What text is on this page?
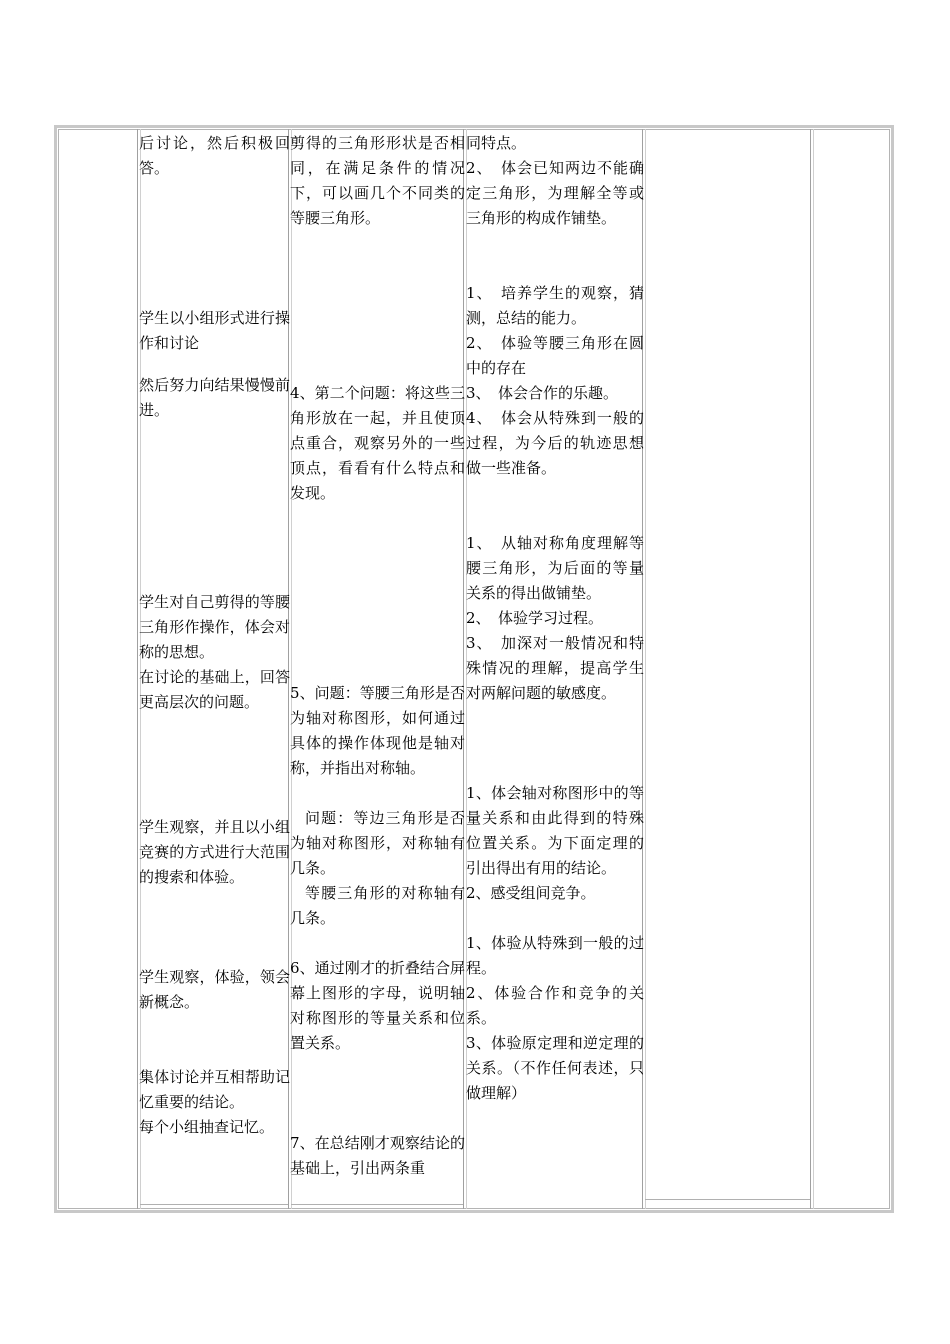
后讨论，然后积极回答。

学生以小组形式进行操作和讨论

然后努力向结果慢慢前进。

学生对自己剪得的等腰三角形作操作，体会对称的思想。

在讨论的基础上，回答更高层次的问题。

学生观察，并且以小组竞赛的方式进行大范围的搜索和体验。

学生观察，体验，领会新概念。

集体讨论并互相帮助记忆重要的结论。

每个小组抽查记忆。

剪得的三角形形状是否相同，在满足条件的情况下，可以画几个不同类的等腰三角形。

4、第二个问题：将这些三角形放在一起，并且使顶点重合，观察另外的一些顶点，看看有什么特点和发现。

5、问题：等腰三角形是否为轴对称图形，如何通过具体的操作体现他是轴对称，并指出对称轴。

问题：等边三角形是否为轴对称图形，对称轴有几条。

等腰三角形的对称轴有几条。

6、通过刚才的折叠结合屏幕上图形的字母，说明轴对称图形的等量关系和位置关系。

7、在总结刚才观察结论的基础上，引出两条重

同特点。

2、　体会已知两边不能确定三角形，为理解全等或三角形的构成作铺垫。

1、　培养学生的观察，猜测，总结的能力。

2、　体验等腰三角形在圆中的存在

3、　体会合作的乐趣。

4、　体会从特殊到一般的过程，为今后的轨迹思想做一些准备。

1、　从轴对称角度理解等腰三角形，为后面的等量关系的得出做铺垫。

2、　体验学习过程。

3、　加深对一般情况和特殊情况的理解，提高学生对两解问题的敏感度。

1、体会轴对称图形中的等量关系和由此得到的特殊位置关系。为下面定理的引出得出有用的结论。

2、感受组间竞争。

1、体验从特殊到一般的过程。

2、体验合作和竞争的关系。

3、体验原定理和逆定理的关系。（不作任何表述，只做理解）
